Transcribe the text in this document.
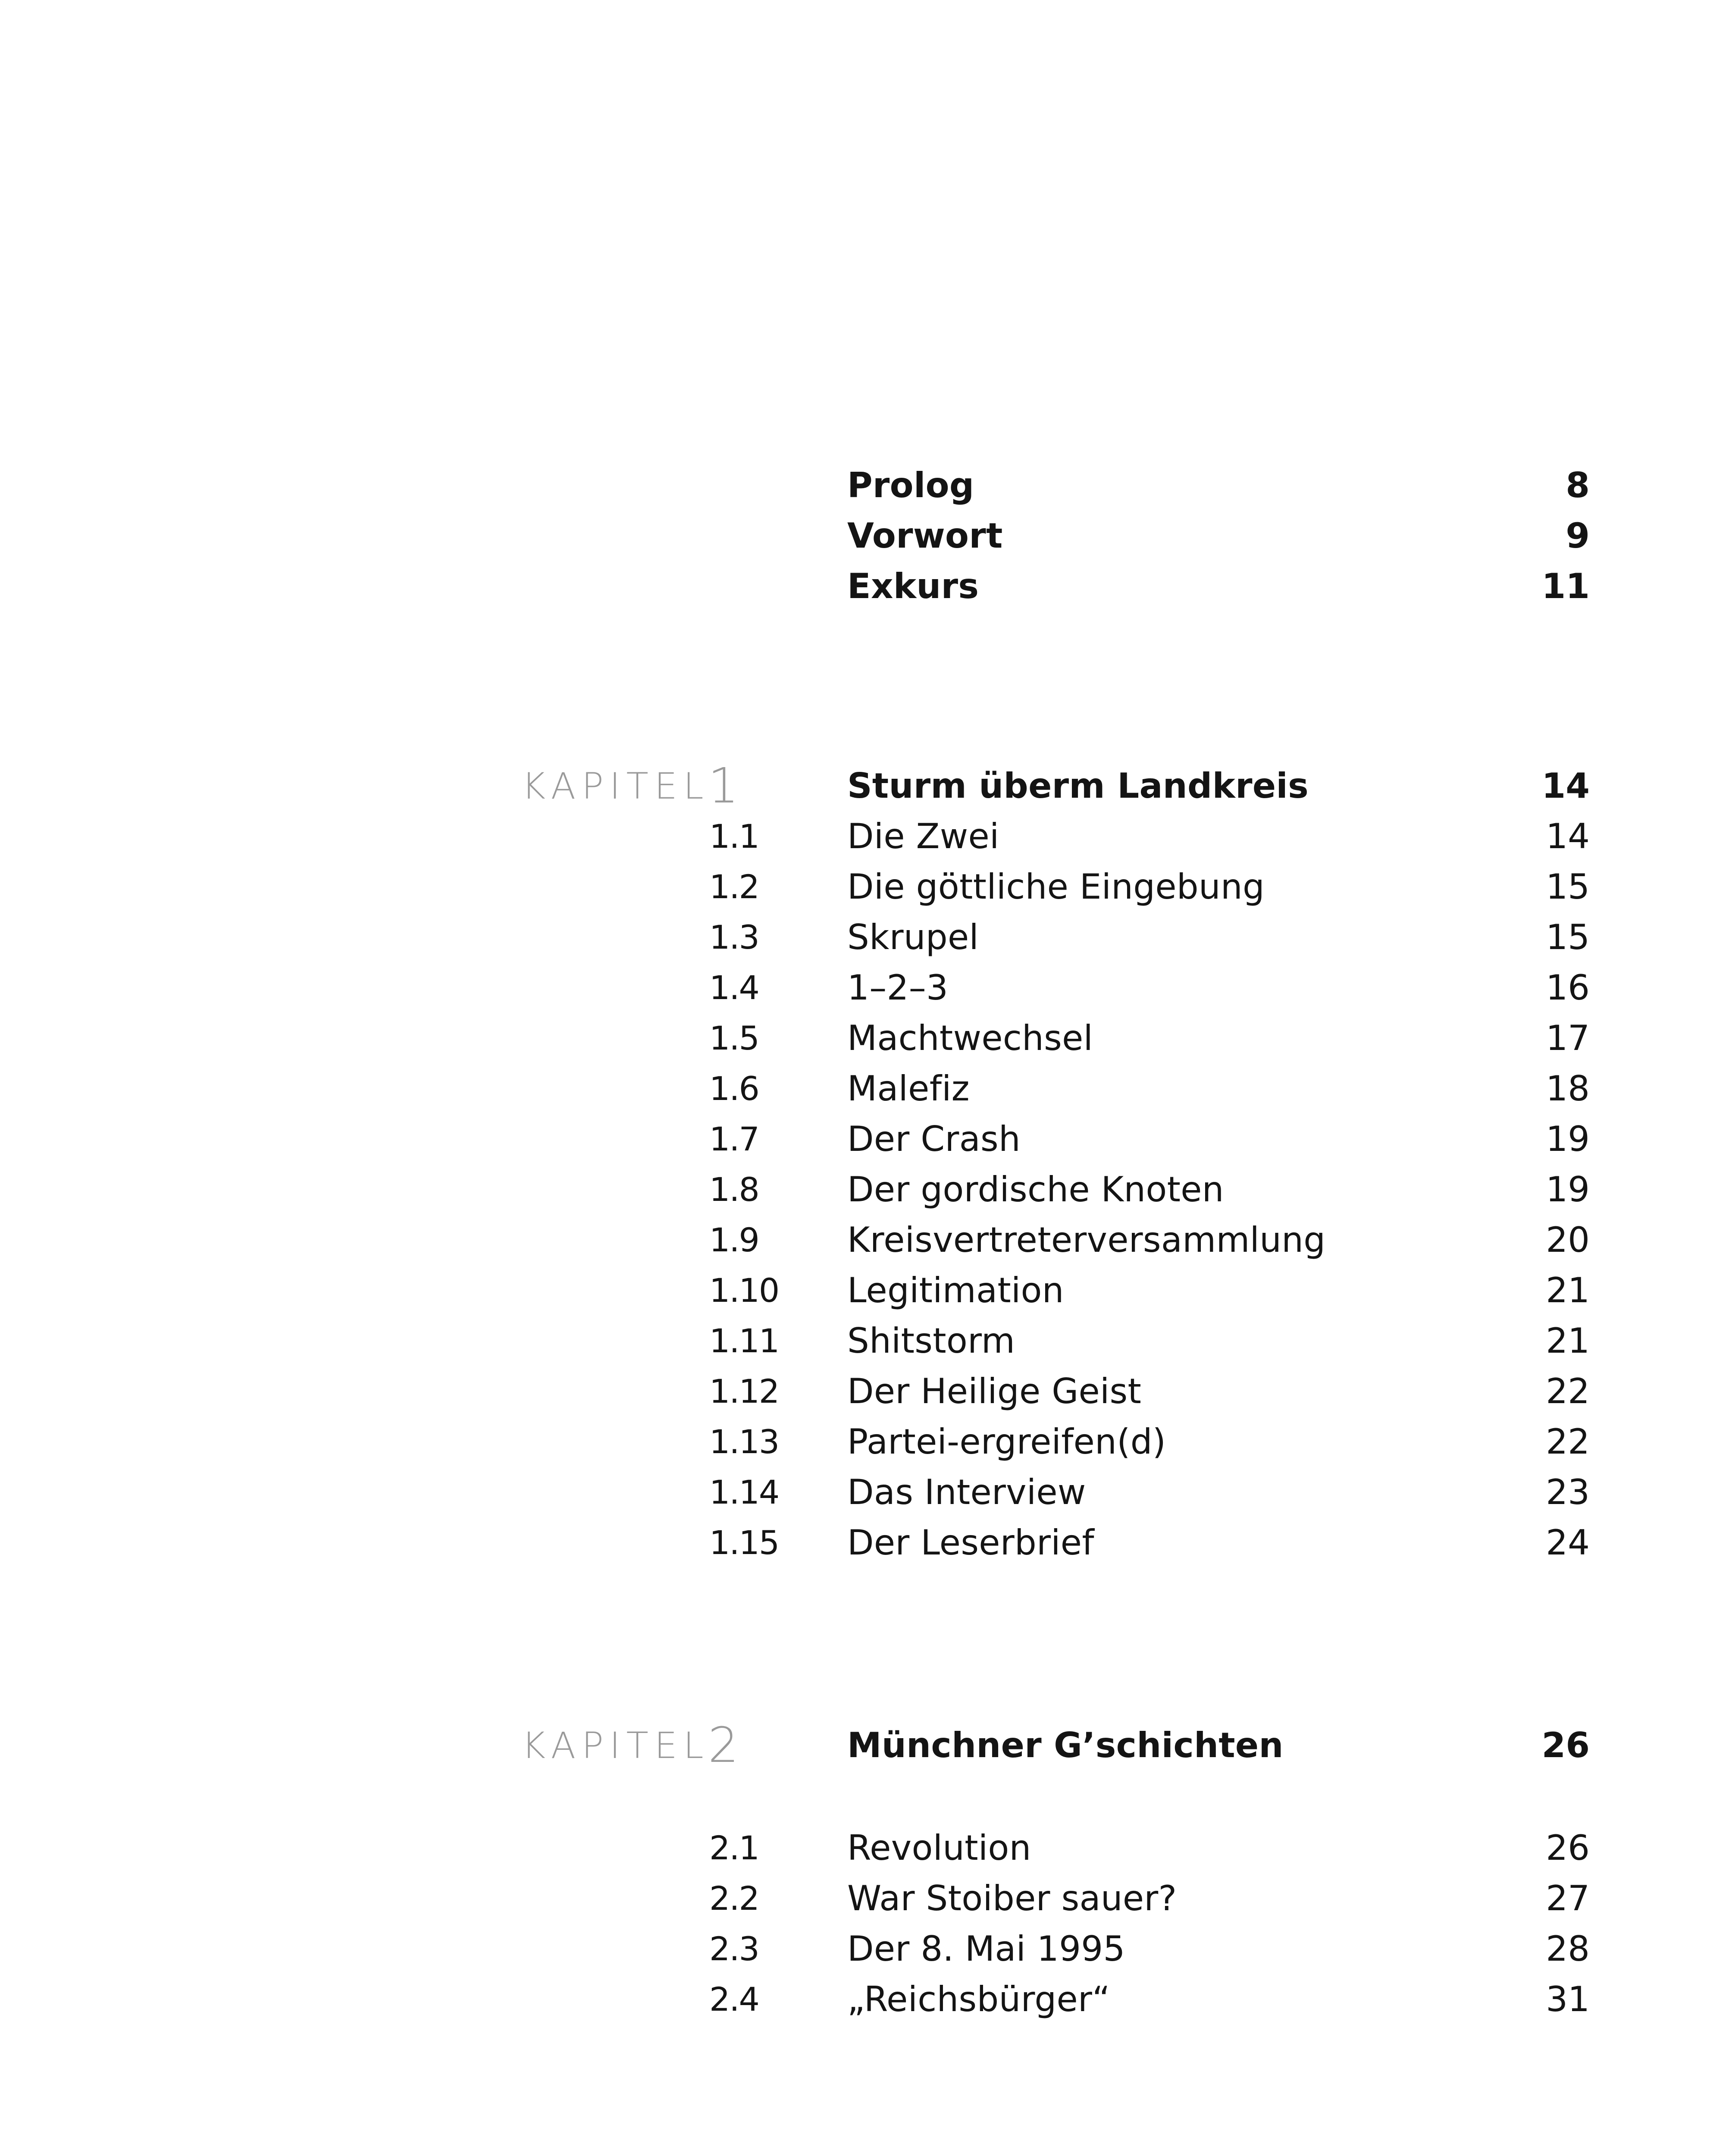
Prolog	8
Vorwort	9
Exkurs	11
KAPITEL
1	Sturm überm Landkreis	14
1.1	Die Zwei	14
1.2	Die göttliche Eingebung	15
1.3	Skrupel	15
1.4	1–2–3	16
1.5	Machtwechsel	17
1.6	Malefiz	18
1.7	Der Crash	19
1.8	Der gordische Knoten	19
1.9	Kreisvertreterversammlung	20
1.10 Legitimation	21
1.11 Shitstorm	21
1.12 Der Heilige Geist	22
1.13 Partei-ergreifen(d)	22
1.14 Das Interview	23
1.15 Der Leserbrief	24
KAPITEL
2	Münchner G’schichten	26
2.1	Revolution	26
2.2	War Stoiber sauer?	27
2.3	Der 8. Mai 1995	28
2.4	„Reichsbürger“	31
